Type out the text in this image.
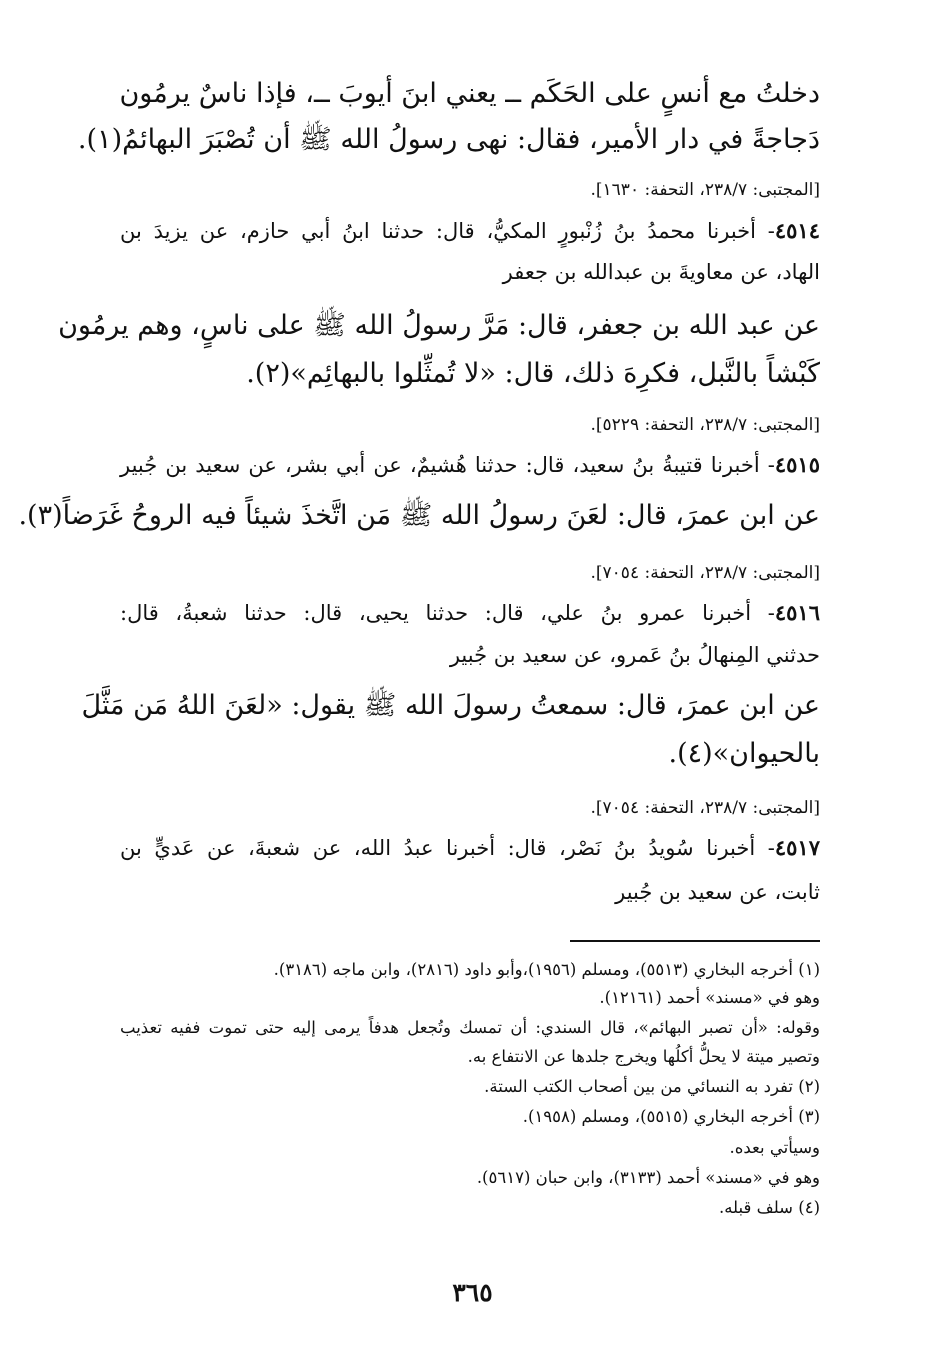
دخلتُ مع أنسٍ على الحَكَم ــ يعني ابنَ أيوبَ ــ، فإذا ناسٌ يرمُون
دَجاجةً في دار الأمير، فقال: نهى رسولُ الله ﷺ أن تُصْبَرَ البهائمُ(١).
[المجتبى: ٢٣٨/٧، التحفة: ١٦٣٠].
٤٥١٤- أخبرنا محمدُ بنُ زُنْبورٍ المكيُّ، قال: حدثنا ابنُ أبي حازم، عن يزيدَ بن
الهاد، عن معاويةَ بن عبدالله بن جعفر
عن عبد الله بن جعفر، قال: مَرَّ رسولُ الله ﷺ على ناسٍ، وهم يرمُون
كَبْشاً بالنَّبل، فكرِهَ ذلك، قال: «لا تُمثِّلوا بالبهائِم»(٢).
[المجتبى: ٢٣٨/٧، التحفة: ٥٢٢٩].
٤٥١٥- أخبرنا قتيبةُ بنُ سعيد، قال: حدثنا هُشيمٌ، عن أبي بشر، عن سعيد بن جُبير
عن ابن عمرَ، قال: لعَنَ رسولُ الله ﷺ مَن اتَّخذَ شيئاً فيه الروحُ غَرَضاً(٣).
[المجتبى: ٢٣٨/٧، التحفة: ٧٠٥٤].
٤٥١٦- أخبرنا عمرو بنُ علي، قال: حدثنا يحيى، قال: حدثنا شعبةُ، قال:
حدثني المِنهالُ بنُ عَمرو، عن سعيد بن جُبير
عن ابن عمرَ، قال: سمعتُ رسولَ الله ﷺ يقول: «لعَنَ اللهُ مَن مَثَّلَ
بالحيوان»(٤).
[المجتبى: ٢٣٨/٧، التحفة: ٧٠٥٤].
٤٥١٧- أخبرنا سُويدُ بنُ نَصْر، قال: أخبرنا عبدُ الله، عن شعبةَ، عن عَديٍّ بن
ثابت، عن سعيد بن جُبير
(١) أخرجه البخاري (٥٥١٣)، ومسلم (١٩٥٦)،وأبو داود (٢٨١٦)، وابن ماجه (٣١٨٦).
وهو في «مسند» أحمد (١٢١٦١).
وقوله: «أن تصبر البهائم»، قال السندي: أن تمسك وتُجعل هدفاً يرمى إليه حتى تموت ففيه تعذيب
وتصير ميتة لا يحلُّ أكلُها ويخرج جلدها عن الانتفاع به.
(٢) تفرد به النسائي من بين أصحاب الكتب الستة.
(٣) أخرجه البخاري (٥٥١٥)، ومسلم (١٩٥٨).
وسيأتي بعده.
وهو في «مسند» أحمد (٣١٣٣)، وابن حبان (٥٦١٧).
(٤) سلف قبله.
٣٦٥
